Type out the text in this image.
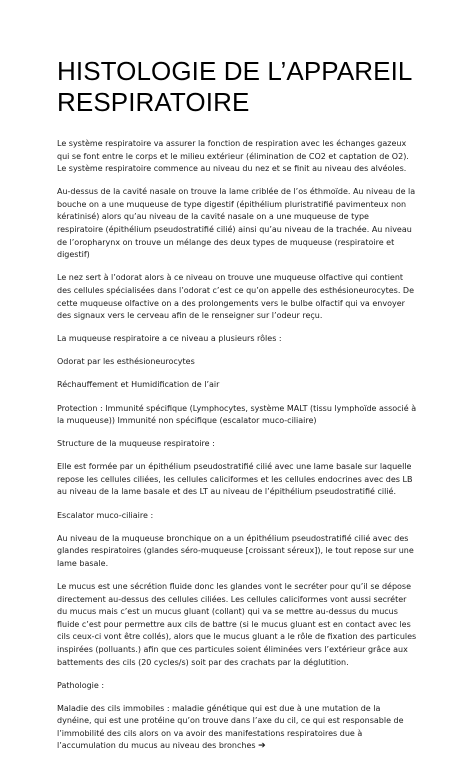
HISTOLOGIE DE L’APPAREIL RESPIRATOIRE

Le système respiratoire va assurer la fonction de respiration avec les échanges gazeux qui se font entre le corps et le milieu extérieur (élimination de CO2 et captation de O2). Le système respiratoire commence au niveau du nez et se finit au niveau des alvéoles.

Au-dessus de la cavité nasale on trouve la lame criblée de l’os éthmoïde. Au niveau de la bouche on a une muqueuse de type digestif (épithélium pluristratifié pavimenteux non kératinisé) alors qu’au niveau de la cavité nasale on a une muqueuse de type respiratoire (épithélium pseudostratifié cilié) ainsi qu’au niveau de la trachée. Au niveau de l’oropharynx on trouve un mélange des deux types de muqueuse (respiratoire et digestif)

Le nez sert à l’odorat alors à ce niveau on trouve une muqueuse olfactive qui contient des cellules spécialisées dans l’odorat c’est ce qu’on appelle des esthésioneurocytes. De cette muqueuse olfactive on a des prolongements vers le bulbe olfactif qui va envoyer des signaux vers le cerveau afin de le renseigner sur l’odeur reçu.

La muqueuse respiratoire a ce niveau a plusieurs rôles :

Odorat par les esthésioneurocytes

Réchauffement et Humidification de l’air

Protection : Immunité spécifique (Lymphocytes, système MALT (tissu lymphoïde associé à la muqueuse)) Immunité non spécifique (escalator muco-ciliaire)

Structure de la muqueuse respiratoire :

Elle est formée par un épithélium pseudostratifié cilié avec une lame basale sur laquelle repose les cellules ciliées, les cellules caliciformes et les cellules endocrines avec des LB au niveau de la lame basale et des LT au niveau de l’épithélium pseudostratifié cilié.

Escalator muco-ciliaire :

Au niveau de la muqueuse bronchique on a un épithélium pseudostratifié cilié avec des glandes respiratoires (glandes séro-muqueuse [croissant séreux]), le tout repose sur une lame basale.

Le mucus est une sécrétion fluide donc les glandes vont le secréter pour qu’il se dépose directement au-dessus des cellules ciliées. Les cellules caliciformes vont aussi secréter du mucus mais c’est un mucus gluant (collant) qui va se mettre au-dessus du mucus fluide c’est pour permettre aux cils de battre (si le mucus gluant est en contact avec les cils ceux-ci vont être collés), alors que le mucus gluant a le rôle de fixation des particules inspirées (polluants.) afin que ces particules soient éliminées vers l’extérieur grâce aux battements des cils (20 cycles/s) soit par des crachats par la déglutition.

Pathologie :

Maladie des cils immobiles : maladie génétique qui est due à une mutation de la dynéine, qui est une protéine qu’on trouve dans l’axe du cil, ce qui est responsable de l’immobilité des cils alors on va avoir des manifestations respiratoires due à l’accumulation du mucus au niveau des bronches ➔
